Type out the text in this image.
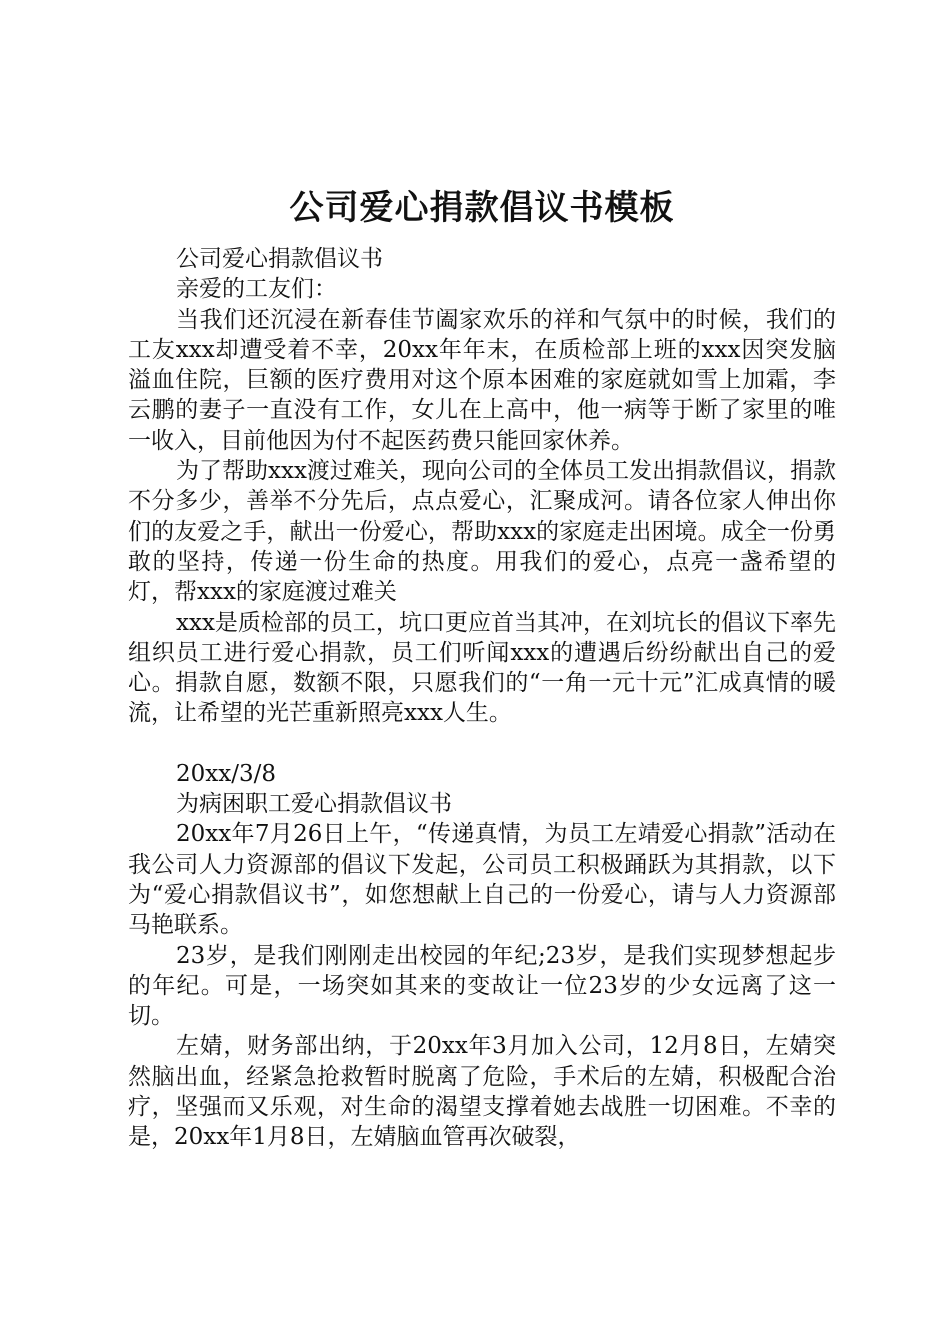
公司爱心捐款倡议书模板

公司爱心捐款倡议书

亲爱的工友们：

当我们还沉浸在新春佳节阖家欢乐的祥和气氛中的时候，我们的工友xxx却遭受着不幸，20xx年年末，在质检部上班的xxx因突发脑溢血住院，巨额的医疗费用对这个原本困难的家庭就如雪上加霜，李云鹏的妻子一直没有工作，女儿在上高中，他一病等于断了家里的唯一收入，目前他因为付不起医药费只能回家休养。

为了帮助xxx渡过难关，现向公司的全体员工发出捐款倡议，捐款不分多少，善举不分先后，点点爱心，汇聚成河。请各位家人伸出你们的友爱之手，献出一份爱心，帮助xxx的家庭走出困境。成全一份勇敢的坚持，传递一份生命的热度。用我们的爱心，点亮一盏希望的灯，帮xxx的家庭渡过难关

xxx是质检部的员工，坑口更应首当其冲，在刘坑长的倡议下率先组织员工进行爱心捐款，员工们听闻xxx的遭遇后纷纷献出自己的爱心。捐款自愿，数额不限，只愿我们的“一角一元十元”汇成真情的暖流，让希望的光芒重新照亮xxx人生。

20xx/3/8

为病困职工爱心捐款倡议书

20xx年7月26日上午，“传递真情，为员工左靖爱心捐款”活动在我公司人力资源部的倡议下发起，公司员工积极踊跃为其捐款，以下为“爱心捐款倡议书”，如您想献上自己的一份爱心，请与人力资源部马艳联系。

23岁，是我们刚刚走出校园的年纪;23岁，是我们实现梦想起步的年纪。可是，一场突如其来的变故让一位23岁的少女远离了这一切。

左婧，财务部出纳，于20xx年3月加入公司，12月8日，左婧突然脑出血，经紧急抢救暂时脱离了危险，手术后的左婧，积极配合治疗，坚强而又乐观，对生命的渴望支撑着她去战胜一切困难。不幸的是，20xx年1月8日，左婧脑血管再次破裂，
